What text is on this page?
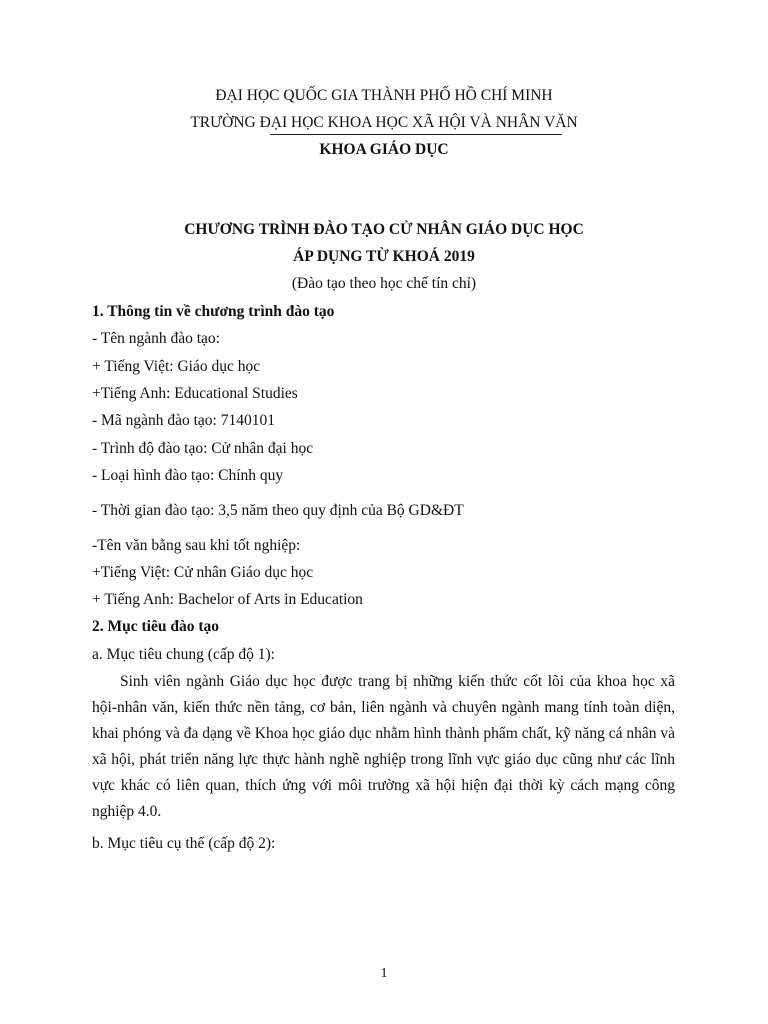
ĐẠI HỌC QUỐC GIA THÀNH PHỐ HỒ CHÍ MINH
TRƯỜNG ĐẠI HỌC KHOA HỌC XÃ HỘI VÀ NHÂN VĂN
KHOA GIÁO DỤC
CHƯƠNG TRÌNH ĐÀO TẠO CỬ NHÂN GIÁO DỤC HỌC
ÁP DỤNG TỪ KHOÁ 2019
(Đào tạo theo học chế tín chỉ)
1. Thông tin về chương trình đào tạo
- Tên ngành đào tạo:
+ Tiếng Việt: Giáo dục học
+Tiếng Anh: Educational Studies
- Mã ngành đào tạo: 7140101
- Trình độ đào tạo: Cử nhân đại học
- Loại hình đào tạo: Chính quy
- Thời gian đào tạo: 3,5 năm theo quy định của Bộ GD&ĐT
-Tên văn bằng sau khi tốt nghiệp:
+Tiếng Việt: Cử nhân Giáo dục học
+ Tiếng Anh: Bachelor of Arts in Education
2. Mục tiêu đào tạo
a. Mục tiêu chung (cấp độ 1):
Sinh viên ngành Giáo dục học được trang bị những kiến thức cốt lõi của khoa học xã hội-nhân văn, kiến thức nền tảng, cơ bản, liên ngành và chuyên ngành mang tính toàn diện, khai phóng và đa dạng về Khoa học giáo dục nhằm hình thành phẩm chất, kỹ năng cá nhân và xã hội, phát triển năng lực thực hành nghề nghiệp trong lĩnh vực giáo dục cũng như các lĩnh vực khác có liên quan, thích ứng với môi trường xã hội hiện đại thời kỳ cách mạng công nghiệp 4.0.
b. Mục tiêu cụ thể (cấp độ 2):
1
